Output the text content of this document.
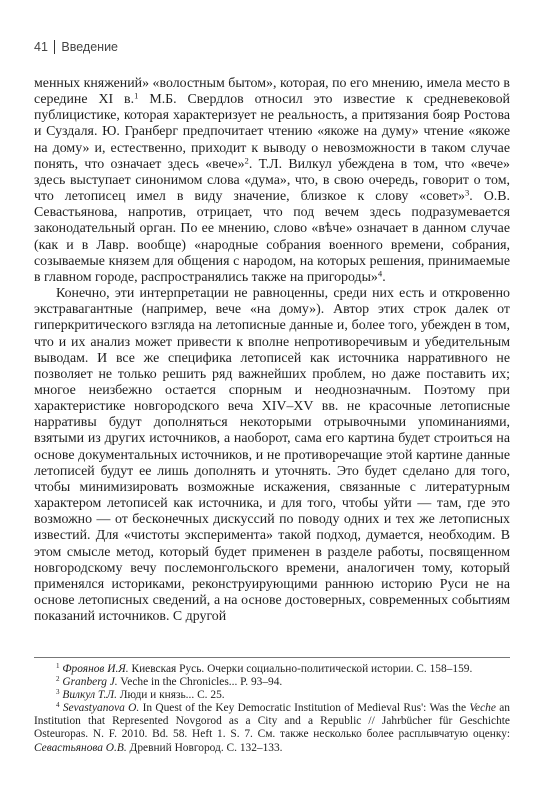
41 Введение

менных княжений» «волостным бытом», которая, по его мнению, имела место в середине XI в.$^1$ М.Б. Свердлов относил это известие к средневековой публицистике, которая характеризует не реальность, а притязания бояр Ростова и Суздаля. Ю. Гранберг предпочитает чтению «якоже на думу» чтение «якоже на дому» и, естественно, приходит к выводу о невозможности в таком случае понять, что означает здесь «вече»$^2$. Т.Л. Вилкул убеждена в том, что «вече» здесь выступает синонимом слова «дума», что, в свою очередь, говорит о том, что летописец имел в виду значение, близкое к слову «совет»$^3$. О.В. Севастьянова, напротив, отрицает, что под вечем здесь подразумевается законодательный орган. По ее мнению, слово «вѣче» означает в данном случае (как и в Лавр. вообще) «народные собрания военного времени, собрания, созываемые князем для общения с народом, на которых решения, принимаемые в главном городе, распространялись также на пригороды»$^4$.

Конечно, эти интерпретации не равноценны, среди них есть и откровенно экстравагантные (например, вече «на дому»). Автор этих строк далек от гиперкритического взгляда на летописные данные и, более того, убежден в том, что и их анализ может привести к вполне непротиворечивым и убедительным выводам. И все же специфика летописей как источника нарративного не позволяет не только решить ряд важнейших проблем, но даже поставить их; многое неизбежно остается спорным и неоднозначным. Поэтому при характеристике новгородского веча XIV–XV вв. не красочные летописные нарративы будут дополняться некоторыми отрывочными упоминаниями, взятыми из других источников, а наоборот, сама его картина будет строиться на основе документальных источников, и не противоречащие этой картине данные летописей будут ее лишь дополнять и уточнять. Это будет сделано для того, чтобы минимизировать возможные искажения, связанные с литературным характером летописей как источника, и для того, чтобы уйти — там, где это возможно — от бесконечных дискуссий по поводу одних и тех же летописных известий. Для «чистоты эксперимента» такой подход, думается, необходим. В этом смысле метод, который будет применен в разделе работы, посвященном новгородскому вечу послемонгольского времени, аналогичен тому, который применялся историками, реконструирующими раннюю историю Руси не на основе летописных сведений, а на основе достоверных, современных событиям показаний источников. С другой

$^1$ Фроянов И.Я. Киевская Русь. Очерки социально-политической истории. С. 158–159.

$^2$ Granberg J. Veche in the Chronicles... P. 93–94.

$^3$ Вилкул Т.Л. Люди и князь... С. 25.

$^4$ Sevastyanova O. In Quest of the Key Democratic Institution of Medieval Rus': Was the Veche an Institution that Represented Novgorod as a City and a Republic // Jahrbücher für Geschichte Osteuropas. N. F. 2010. Bd. 58. Heft 1. S. 7. См. также несколько более расплывчатую оценку: Севастьянова О.В. Древний Новгород. С. 132–133.
